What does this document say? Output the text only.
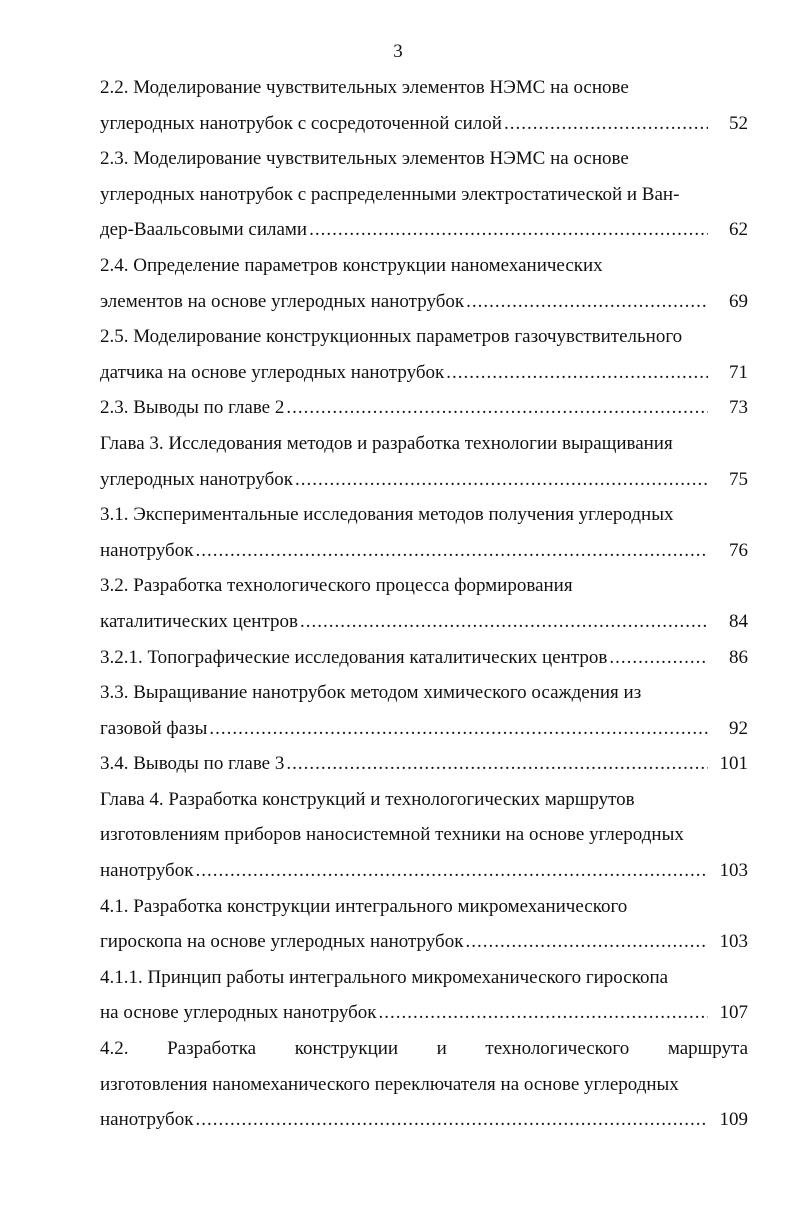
3
2.2. Моделирование чувствительных элементов НЭМС на основе
углеродных нанотрубок с сосредоточенной силой .....	52
2.3. Моделирование чувствительных элементов НЭМС на основе
углеродных нанотрубок с распределенными электростатической и Ван-
дер-Ваальсовыми силами .....	62
2.4. Определение параметров конструкции наномеханических
элементов на основе углеродных нанотрубок .....	69
2.5. Моделирование конструкционных параметров газочувствительного
датчика на основе углеродных нанотрубок .....	71
2.3. Выводы по главе 2 .....	73
Глава 3. Исследования методов и разработка технологии выращивания
углеродных нанотрубок .....	75
3.1. Экспериментальные исследования методов получения углеродных
нанотрубок .....	76
3.2. Разработка технологического процесса формирования
каталитических центров .....	84
3.2.1. Топографические исследования каталитических центров .....	86
3.3. Выращивание нанотрубок методом химического осаждения из
газовой фазы .....	92
3.4. Выводы по главе 3 .....	101
Глава 4. Разработка конструкций и технологогических маршрутов
изготовлениям приборов наносистемной техники на основе углеродных
нанотрубок .....	103
4.1. Разработка конструкции интегрального микромеханического
гироскопа на основе углеродных нанотрубок .....	103
4.1.1. Принцип работы интегрального микромеханического гироскопа
на основе углеродных нанотрубок .....	107
4.2. Разработка конструкции и технологического маршрута
изготовления наномеханического переключателя на основе углеродных
нанотрубок .....	109
